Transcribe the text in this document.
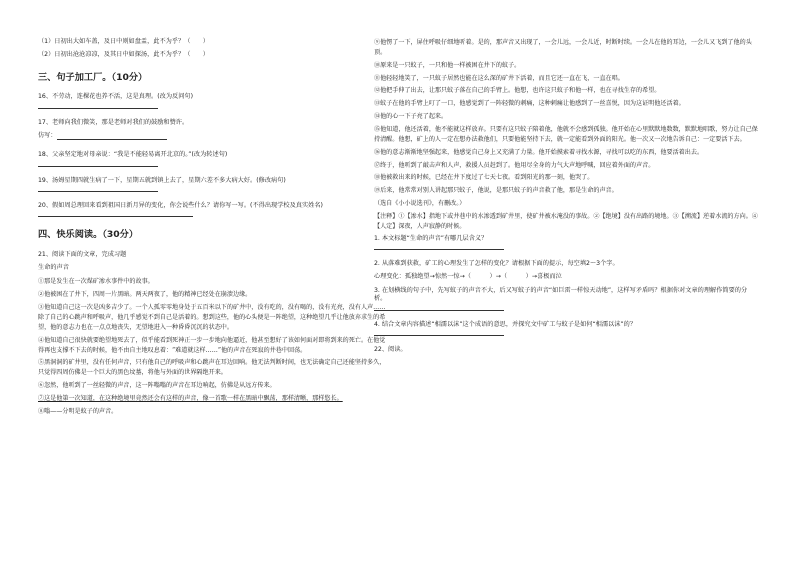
（1）日初出大如车盖，及日中则如盘盂，此不为乎？（　　）

（2）日初出沧沧凉凉，及其日中如探汤，此不为乎？（　　）

三、句子加工厂。（10分）

16、不劳动，连棵花也养不活，这是真理。(改为反问句)

17、老师向我们微笑，那是老师对我们的鼓励和赞许。

仿写：

18、父亲坚定地对母亲说：“我是不能轻易离开北京的。”(改为转述句)

19、汤姆星期四就生病了一下，星期五就到镇上去了，星期六差不多大病大好。(修改病句)

20、假如周总理回来看到祖国日新月异的变化，你会说些什么？请你写一写。(不得出现学校及真实姓名)

四、快乐阅读。（30分）

21、阅读下面的文章，完成习题

生命的声音

①那是发生在一次煤矿渗水事件中的故事。

②他被困在了井下，四周一片黑暗。两天两夜了，他的精神已经处在崩溃边缘。

③他知道自己这一次是凶多吉少了。一个人孤零零地身处于五百米以下的矿井中，没有吃的，没有喝的，没有光亮，没有人声……除了自己的心跳声和呼吸声，他几乎感觉不到自己是活着的。想到这些，他的心头便是一阵绝望，这种绝望几乎让他放弃求生的希望，他的意志力也在一点点地丧失，无望地进入一种昏昏沉沉的状态中。

④他知道自己很快就要绝望地死去了，似乎能看到死神正一步一步地向他逼近，他甚至想好了该如何面对即将到来的死亡。在他觉得再也支撑不下去的时候，他不由自主地叹息着：“难道就这样……”他的声音在死寂的井巷中回荡。

⑤黑洞洞的矿井里，没有任何声音，只有他自己的呼吸声和心跳声在耳边回响。他无法判断时间，也无法确定自己还能坚持多久，只觉得四周仿佛是一个巨大的黑色坟墓，将他与外面的世界隔绝开来。

⑥忽然，他听到了一丝轻微的声音，这一阵嗡嗡的声音在耳边响起，仿佛是从远方传来。

⑦这是他第一次知道，在这种绝境里竟然还会有这样的声音，像一首歌一样在黑暗中飘荡，那样清晰，那样悠长。

⑧嗡——分明是蚊子的声音。

⑨他愣了一下，屏住呼吸仔细地听着。是的，那声音又出现了，一会儿远，一会儿近，时断时续。一会儿在他的耳边，一会儿又飞到了他的头顶。

⑩原来是一只蚊子，一只和他一样被困在井下的蚊子。

⑪他轻轻地笑了，一只蚊子居然也能在这么深的矿井下活着，而且它还一直在飞，一直在唱。

⑫他把手伸了出去，让那只蚊子落在自己的手臂上。他想，也许这只蚊子和他一样，也在寻找生存的希望。

⑬蚊子在他的手臂上叮了一口，他感觉到了一阵轻微的刺痛，这种刺痛让他感到了一丝喜悦，因为这证明他还活着。

⑭他的心一下子亮了起来。

⑮他知道，他还活着，他不能就这样放弃。只要有这只蚊子陪着他，他就不会感到孤独。他开始在心里默默地数数，默默地唱歌，努力让自己保持清醒。他想，矿上的人一定在想办法救他们，只要他能坚持下去，就一定能看到外面的阳光。他一次又一次地告诉自己：一定要活下去。

⑯他的意志渐渐地坚强起来，他感觉自己身上又充满了力量。他开始摸索着寻找水源，寻找可以吃的东西，他要活着出去。

⑰终于，他听到了敲击声和人声，救援人员赶到了。他用尽全身的力气大声地呼喊，回应着外面的声音。

⑱他被救出来的时候，已经在井下度过了七天七夜。看到阳光的那一刻，他哭了。

⑲后来，他常常对别人讲起那只蚊子，他说，是那只蚊子的声音救了他，那是生命的声音。

（选自《小小说选刊》，有删改。）

【注释】①【渗水】指地下或井巷中的水渗透到矿井里，使矿井被水淹没的事故。②【绝境】没有出路的境地。③【溯流】逆着水流的方向。④【人定】深夜，人声寂静的时候。

1. 本文标题“生命的声音”有哪几层含义？

2. 从落难到获救，矿工的心理发生了怎样的变化？请根据下面的提示，每空填2～3个字。

心理变化：孤独绝望→惊然一惊→（　　　）→（　　　）→喜极而泣

3. 在划横线的句子中，先写蚊子的声音不大，后又写蚊子的声音“如巨雷一样惊天动地”，这样写矛盾吗？根据你对文章的理解作简要的分析。

4. 结合文章内容描述“相濡以沫”这个成语的意思，并探究文中矿工与蚊子是如何“相濡以沫”的？

22、阅读。
